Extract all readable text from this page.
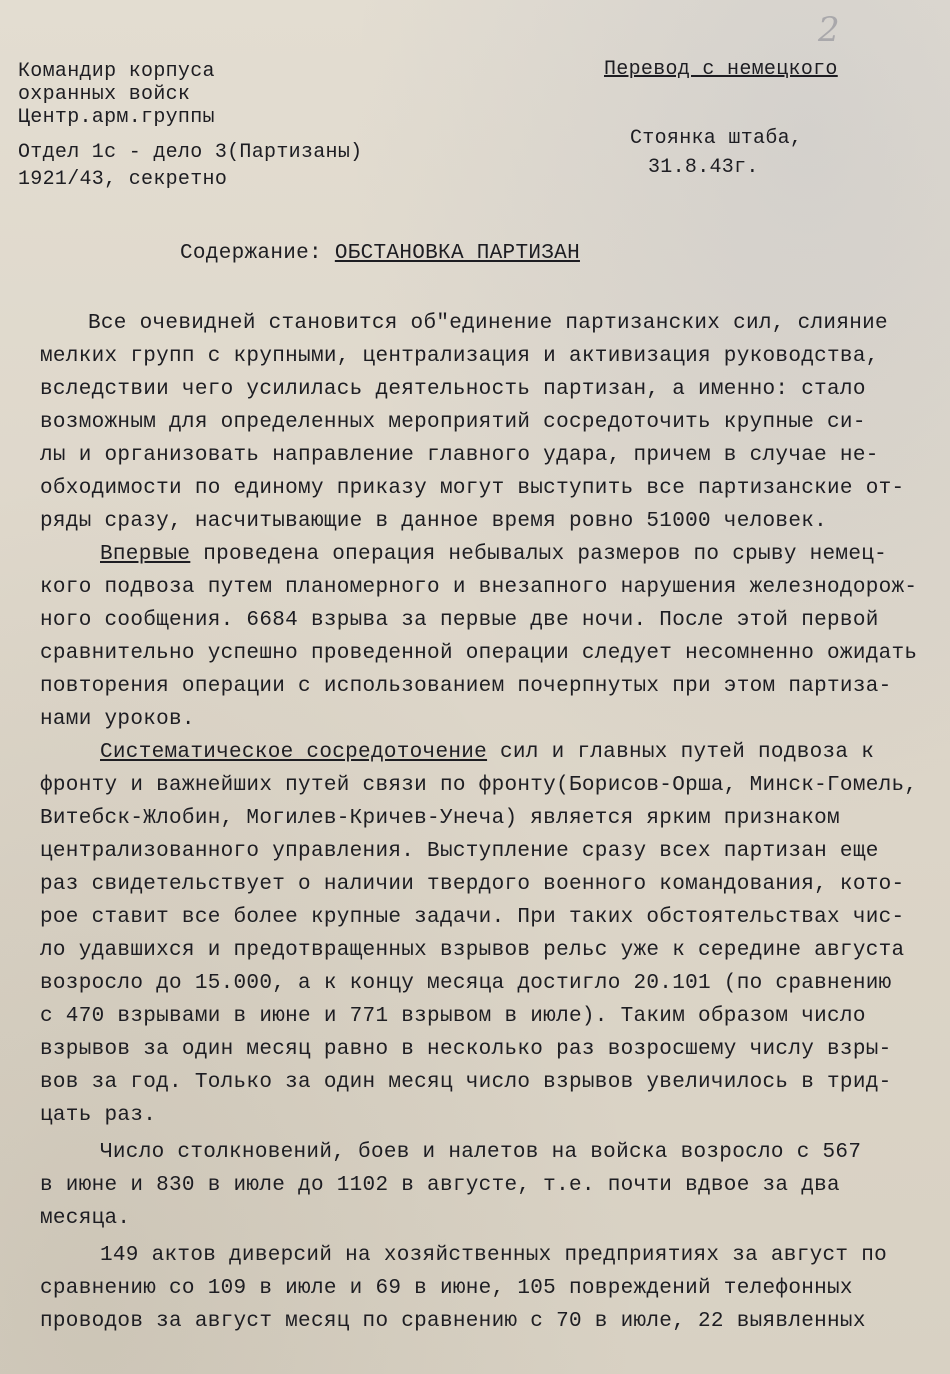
2
Командир корпуса
охранных войск
Центр.арм.группы
Отдел 1с - дело 3(Партизаны)
1921/43, секретно
Перевод с немецкого
Стоянка штаба,
31.8.43г.
Содержание: ОБСТАНОВКА ПАРТИЗАН
Все очевидней становится об"единение партизанских сил, слияние
мелких групп с крупными, централизация и активизация руководства,
вследствии чего усилилась деятельность партизан, а именно: стало
возможным для определенных мероприятий сосредоточить крупные си-
лы и организовать направление главного удара, причем в случае не-
обходимости по единому приказу могут выступить все партизанские от-
ряды сразу, насчитывающие в данное время ровно 51000 человек.
Впервые проведена операция небывалых размеров по срыву немец-
кого подвоза путем планомерного и внезапного нарушения железнодорож-
ного сообщения. 6684 взрыва за первые две ночи. После этой первой
сравнительно успешно проведенной операции следует несомненно ожидать
повторения операции с использованием почерпнутых при этом партиза-
нами уроков.
Систематическое сосредоточение сил и главных путей подвоза к
фронту и важнейших путей связи по фронту(Борисов-Орша, Минск-Гомель,
Витебск-Жлобин, Могилев-Кричев-Унеча) является ярким признаком
централизованного управления. Выступление сразу всех партизан еще
раз свидетельствует о наличии твердого военного командования, кото-
рое ставит все более крупные задачи. При таких обстоятельствах чис-
ло удавшихся и предотвращенных взрывов рельс уже к середине августа
возросло до 15.000, а к концу месяца достигло 20.101 (по сравнению
с 470 взрывами в июне и 771 взрывом в июле). Таким образом число
взрывов за один месяц равно в несколько раз возросшему числу взры-
вов за год. Только за один месяц число взрывов увеличилось в трид-
цать раз.
Число столкновений, боев и налетов на войска возросло с 567
в июне и 830 в июле до 1102 в августе, т.е. почти вдвое за два
месяца.
149 актов диверсий на хозяйственных предприятиях за август по
сравнению со 109 в июле и 69 в июне, 105 повреждений телефонных
проводов за август месяц по сравнению с 70 в июле, 22 выявленных
